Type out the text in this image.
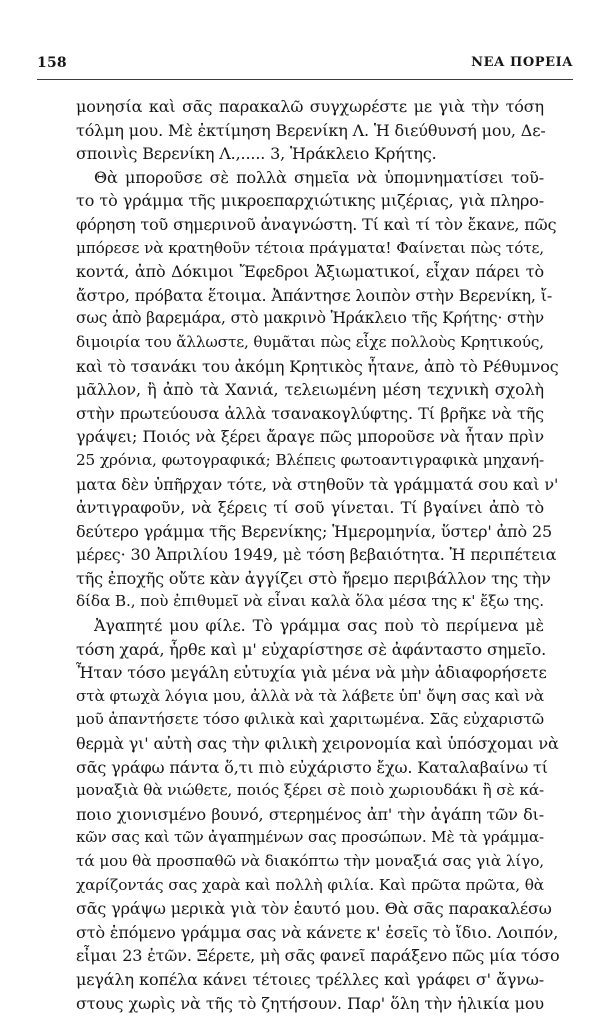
158	ΝΕΑ ΠΟΡΕΙΑ
μονησία καὶ σᾶς παρακαλῶ συγχωρέστε με γιὰ τὴν τόση
τόλμη μου. Μὲ ἐκτίμηση Βερενίκη Λ. Ἡ διεύθυνσή μου, Δε-
σποινὶς Βερενίκη Λ.,..... 3, Ἡράκλειο Κρήτης.
Θὰ μποροῦσε σὲ πολλὰ σημεῖα νὰ ὑπομνηματίσει τοῦ-
το τὸ γράμμα τῆς μικροεπαρχιώτικης μιζέριας, γιὰ πληρο-
φόρηση τοῦ σημερινοῦ ἀναγνώστη. Τί καὶ τί τὸν ἔκανε, πῶς
μπόρεσε νὰ κρατηθοῦν τέτοια πράγματα! Φαίνεται πὼς τότε,
κοντά, ἀπὸ Δόκιμοι Ἔφεδροι Ἀξιωματικοί, εἶχαν πάρει τὸ
ἄστρο, πρόβατα ἕτοιμα. Ἀπάντησε λοιπὸν στὴν Βερενίκη, ἴ-
σως ἀπὸ βαρεμάρα, στὸ μακρινὸ Ἡράκλειο τῆς Κρήτης· στὴν
διμοιρία του ἄλλωστε, θυμᾶται πὼς εἶχε πολλοὺς Κρητικούς,
καὶ τὸ τσανάκι του ἀκόμη Κρητικὸς ἦτανε, ἀπὸ τὸ Ρέθυμνος
μᾶλλον, ἢ ἀπὸ τὰ Χανιά, τελειωμένη μέση τεχνικὴ σχολὴ
στὴν πρωτεύουσα ἀλλὰ τσανακογλύφτης. Τί βρῆκε νὰ τῆς
γράψει; Ποιός νὰ ξέρει ἄραγε πῶς μποροῦσε νὰ ἦταν πρὶν
25 χρόνια, φωτογραφικά; Βλέπεις φωτοαντιγραφικὰ μηχανή-
ματα δὲν ὑπῆρχαν τότε, νὰ στηθοῦν τὰ γράμματά σου καὶ ν'
ἀντιγραφοῦν, νὰ ξέρεις τί σοῦ γίνεται. Τί βγαίνει ἀπὸ τὸ
δεύτερο γράμμα τῆς Βερενίκης; Ἡμερομηνία, ὕστερ' ἀπὸ 25
μέρες· 30 Ἀπριλίου 1949, μὲ τόση βεβαιότητα. Ἡ περιπέτεια
τῆς ἐποχῆς οὔτε κὰν ἀγγίζει στὸ ἤρεμο περιβάλλον της τὴν
δίδα Β., ποὺ ἐπιθυμεῖ νὰ εἶναι καλὰ ὅλα μέσα της κ' ἔξω της.
Ἀγαπητέ μου φίλε. Τὸ γράμμα σας ποὺ τὸ περίμενα μὲ
τόση χαρά, ἦρθε καὶ μ' εὐχαρίστησε σὲ ἀφάνταστο σημεῖο.
Ἦταν τόσο μεγάλη εὐτυχία γιὰ μένα νὰ μὴν ἀδιαφορήσετε
στὰ φτωχὰ λόγια μου, ἀλλὰ νὰ τὰ λάβετε ὑπ' ὄψη σας καὶ νὰ
μοῦ ἀπαντήσετε τόσο φιλικὰ καὶ χαριτωμένα. Σᾶς εὐχαριστῶ
θερμὰ γι' αὐτὴ σας τὴν φιλικὴ χειρονομία καὶ ὑπόσχομαι νὰ
σᾶς γράφω πάντα ὅ,τι πιὸ εὐχάριστο ἔχω. Καταλαβαίνω τί
μοναξιὰ θὰ νιώθετε, ποιός ξέρει σὲ ποιὸ χωριουδάκι ἢ σὲ κά-
ποιο χιονισμένο βουνό, στερημένος ἀπ' τὴν ἀγάπη τῶν δι-
κῶν σας καὶ τῶν ἀγαπημένων σας προσώπων. Μὲ τὰ γράμμα-
τά μου θὰ προσπαθῶ νὰ διακόπτω τὴν μοναξιά σας γιὰ λίγο,
χαρίζοντάς σας χαρὰ καὶ πολλὴ φιλία. Καὶ πρῶτα πρῶτα, θὰ
σᾶς γράψω μερικὰ γιὰ τὸν ἑαυτό μου. Θὰ σᾶς παρακαλέσω
στὸ ἑπόμενο γράμμα σας νὰ κάνετε κ' ἐσεῖς τὸ ἴδιο. Λοιπόν,
εἶμαι 23 ἐτῶν. Ξέρετε, μὴ σᾶς φανεῖ παράξενο πῶς μία τόσο
μεγάλη κοπέλα κάνει τέτοιες τρέλλες καὶ γράφει σ' ἄγνω-
στους χωρὶς νὰ τῆς τὸ ζητήσουν. Παρ' ὅλη τὴν ἡλικία μου
